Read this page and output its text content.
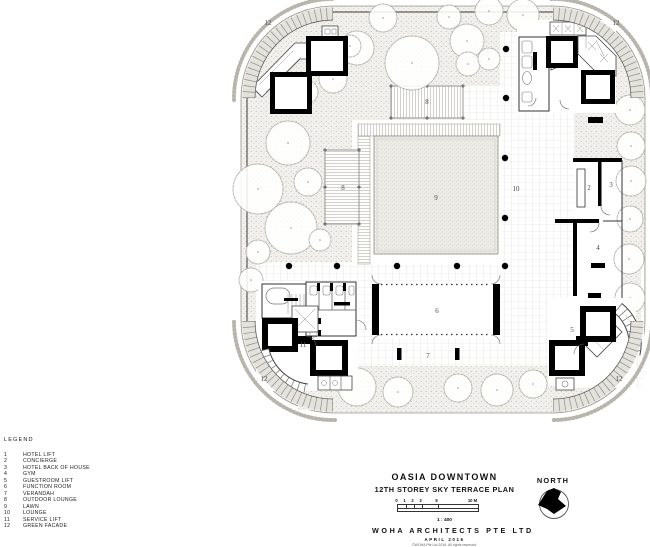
12	12
12	12
8
8
9
10	2	3
4
5
6
7
11
LEGEND
1	HOTEL LIFT
2	CONCIERGE
3	HOTEL BACK OF HOUSE
4	GYM
5	GUESTROOM LIFT
6	FUNCTION ROOM
7	VERANDAH
8	OUTDOOR LOUNGE
9	LAWN
10	LOUNGE
11	SERVICE LIFT
12	GREEN FACADE
OASIA DOWNTOWN
12TH STOREY SKY TERRACE PLAN
0 1 2 3	5	10 M
1 : 400
WOHA ARCHITECTS PTE LTD
APRIL 2016
©WOHA Pte Ltd 2016. All rights reserved.
NORTH
